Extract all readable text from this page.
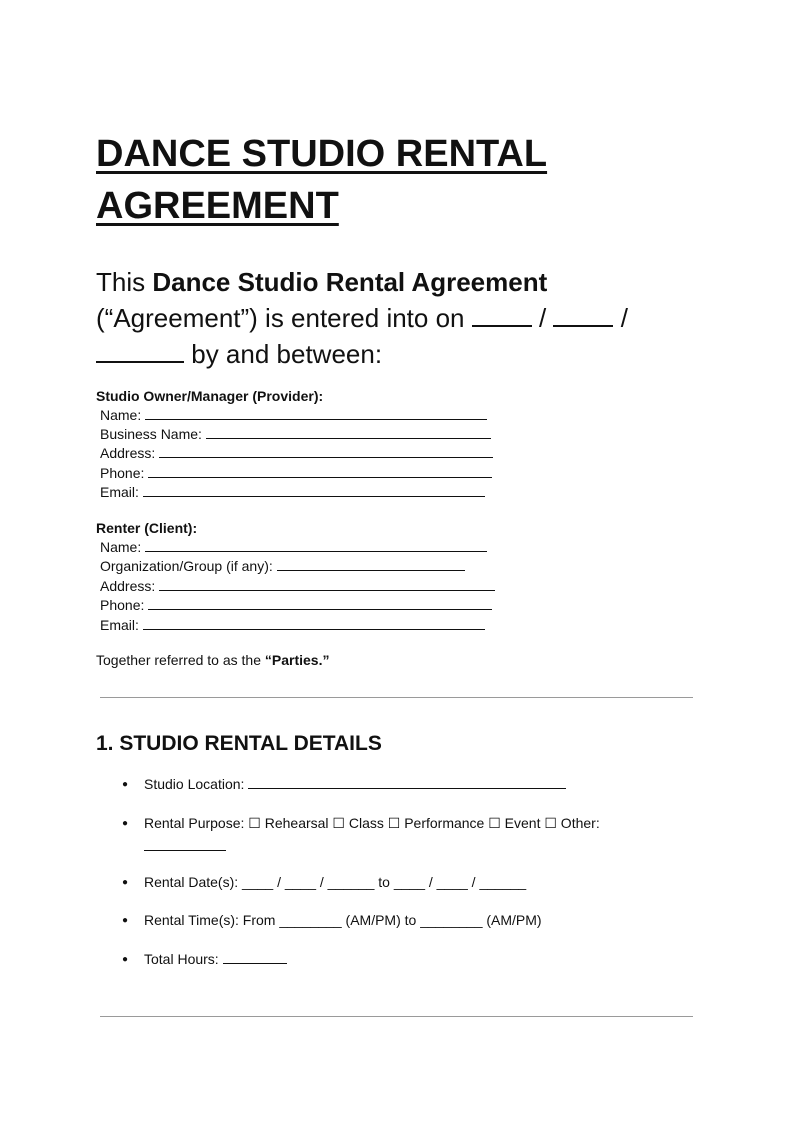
DANCE STUDIO RENTAL
AGREEMENT

This Dance Studio Rental Agreement
(“Agreement”) is entered into on	/	/
by and between:

Studio Owner/Manager (Provider):
Name:
Business Name:
Address:
Phone:
Email:
Renter (Client):
Name:
Organization/Group (if any):
Address:
Phone:
Email:
Together referred to as the “Parties.”
1. STUDIO RENTAL DETAILS
● Studio Location:
● Rental Purpose: ☐ Rehearsal ☐ Class ☐ Performance ☐ Event ☐ Other:
● Rental Date(s): ____ / ____ / ______ to ____ / ____ / ______
● Rental Time(s): From ________ (AM/PM) to ________ (AM/PM)
● Total Hours:
